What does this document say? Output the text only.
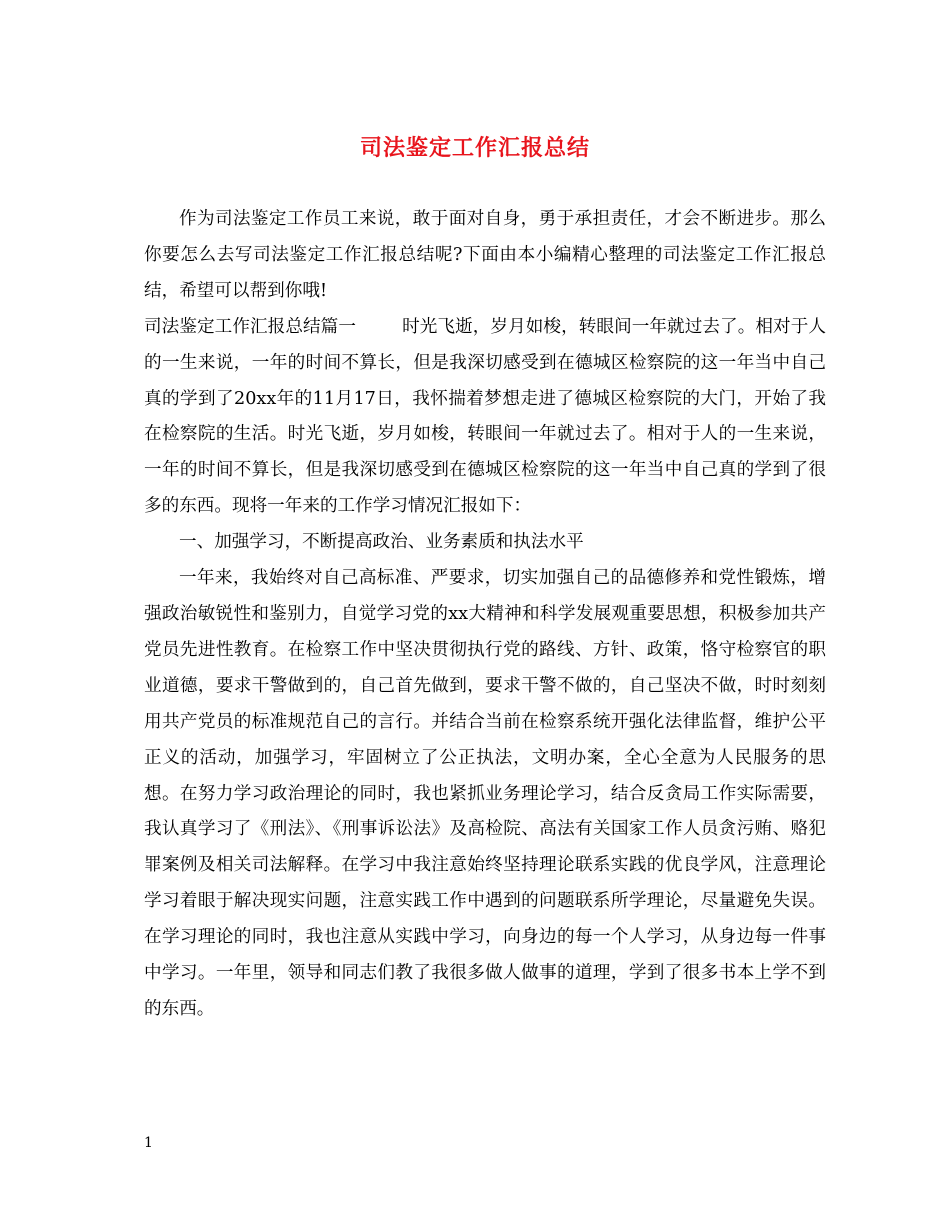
司法鉴定工作汇报总结

作为司法鉴定工作员工来说，敢于面对自身，勇于承担责任，才会不断进步。那么你要怎么去写司法鉴定工作汇报总结呢?下面由本小编精心整理的司法鉴定工作汇报总结，希望可以帮到你哦!

司法鉴定工作汇报总结篇一	时光飞逝，岁月如梭，转眼间一年就过去了。相对于人的一生来说，一年的时间不算长，但是我深切感受到在德城区检察院的这一年当中自己真的学到了20xx年的11月17日，我怀揣着梦想走进了德城区检察院的大门，开始了我在检察院的生活。时光飞逝，岁月如梭，转眼间一年就过去了。相对于人的一生来说，一年的时间不算长，但是我深切感受到在德城区检察院的这一年当中自己真的学到了很多的东西。现将一年来的工作学习情况汇报如下：

一、加强学习，不断提高政治、业务素质和执法水平

一年来，我始终对自己高标准、严要求，切实加强自己的品德修养和党性锻炼，增强政治敏锐性和鉴别力，自觉学习党的xx大精神和科学发展观重要思想，积极参加共产党员先进性教育。在检察工作中坚决贯彻执行党的路线、方针、政策，恪守检察官的职业道德，要求干警做到的，自己首先做到，要求干警不做的，自己坚决不做，时时刻刻用共产党员的标准规范自己的言行。并结合当前在检察系统开强化法律监督，维护公平正义的活动，加强学习，牢固树立了公正执法，文明办案，全心全意为人民服务的思想。在努力学习政治理论的同时，我也紧抓业务理论学习，结合反贪局工作实际需要，我认真学习了《刑法》、《刑事诉讼法》及高检院、高法有关国家工作人员贪污贿、赂犯罪案例及相关司法解释。在学习中我注意始终坚持理论联系实践的优良学风，注意理论学习着眼于解决现实问题，注意实践工作中遇到的问题联系所学理论，尽量避免失误。在学习理论的同时，我也注意从实践中学习，向身边的每一个人学习，从身边每一件事中学习。一年里，领导和同志们教了我很多做人做事的道理，学到了很多书本上学不到的东西。

1
